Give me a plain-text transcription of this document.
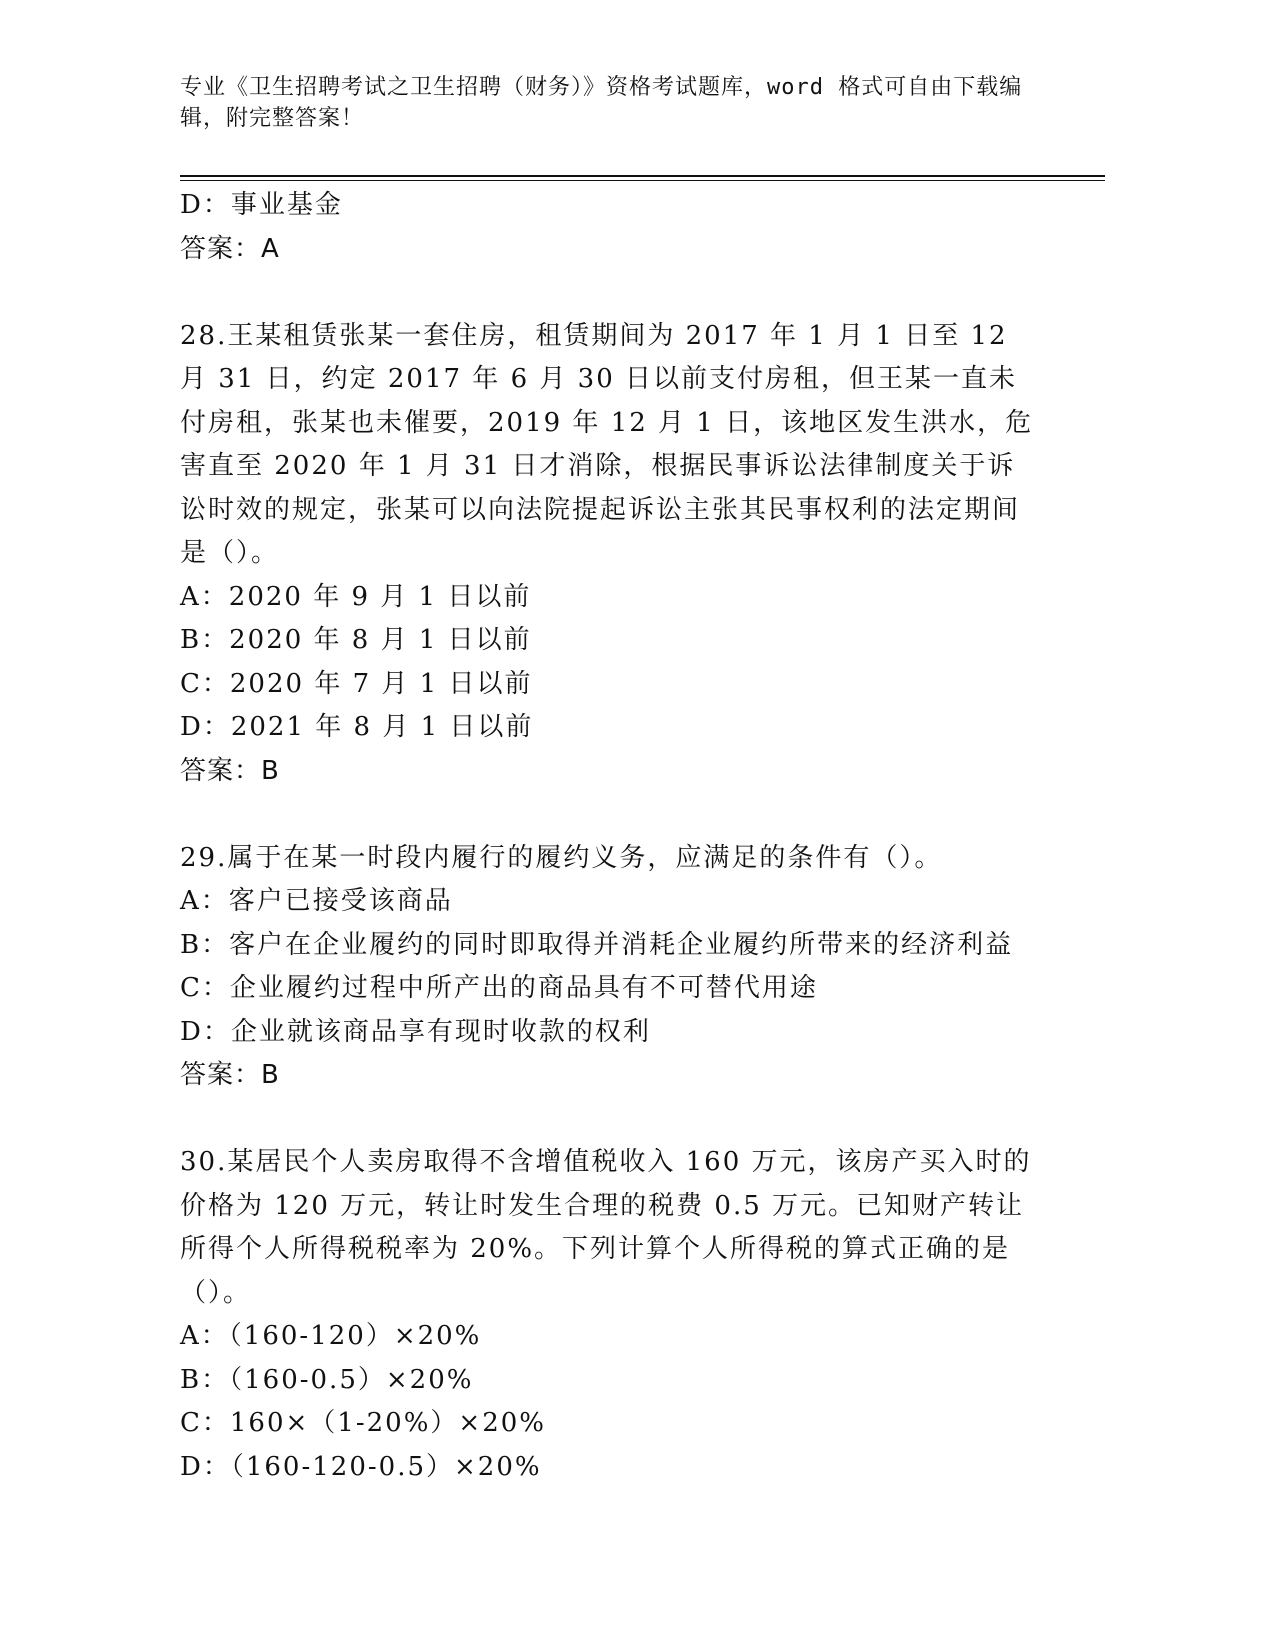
专业《卫生招聘考试之卫生招聘（财务）》资格考试题库，word 格式可自由下载编辑，附完整答案！
D：事业基金
答案：A
28.王某租赁张某一套住房，租赁期间为 2017 年 1 月 1 日至 12 月 31 日，约定 2017 年 6 月 30 日以前支付房租，但王某一直未付房租，张某也未催要，2019 年 12 月 1 日，该地区发生洪水，危害直至 2020 年 1 月 31 日才消除，根据民事诉讼法律制度关于诉讼时效的规定，张某可以向法院提起诉讼主张其民事权利的法定期间是（）。
A：2020 年 9 月 1 日以前
B：2020 年 8 月 1 日以前
C：2020 年 7 月 1 日以前
D：2021 年 8 月 1 日以前
答案：B
29.属于在某一时段内履行的履约义务，应满足的条件有（）。
A：客户已接受该商品
B：客户在企业履约的同时即取得并消耗企业履约所带来的经济利益
C：企业履约过程中所产出的商品具有不可替代用途
D：企业就该商品享有现时收款的权利
答案：B
30.某居民个人卖房取得不含增值税收入 160 万元，该房产买入时的价格为 120 万元，转让时发生合理的税费 0.5 万元。已知财产转让所得个人所得税税率为 20%。下列计算个人所得税的算式正确的是（）。
A：（160-120）×20%
B：（160-0.5）×20%
C：160×（1-20%）×20%
D：（160-120-0.5）×20%
